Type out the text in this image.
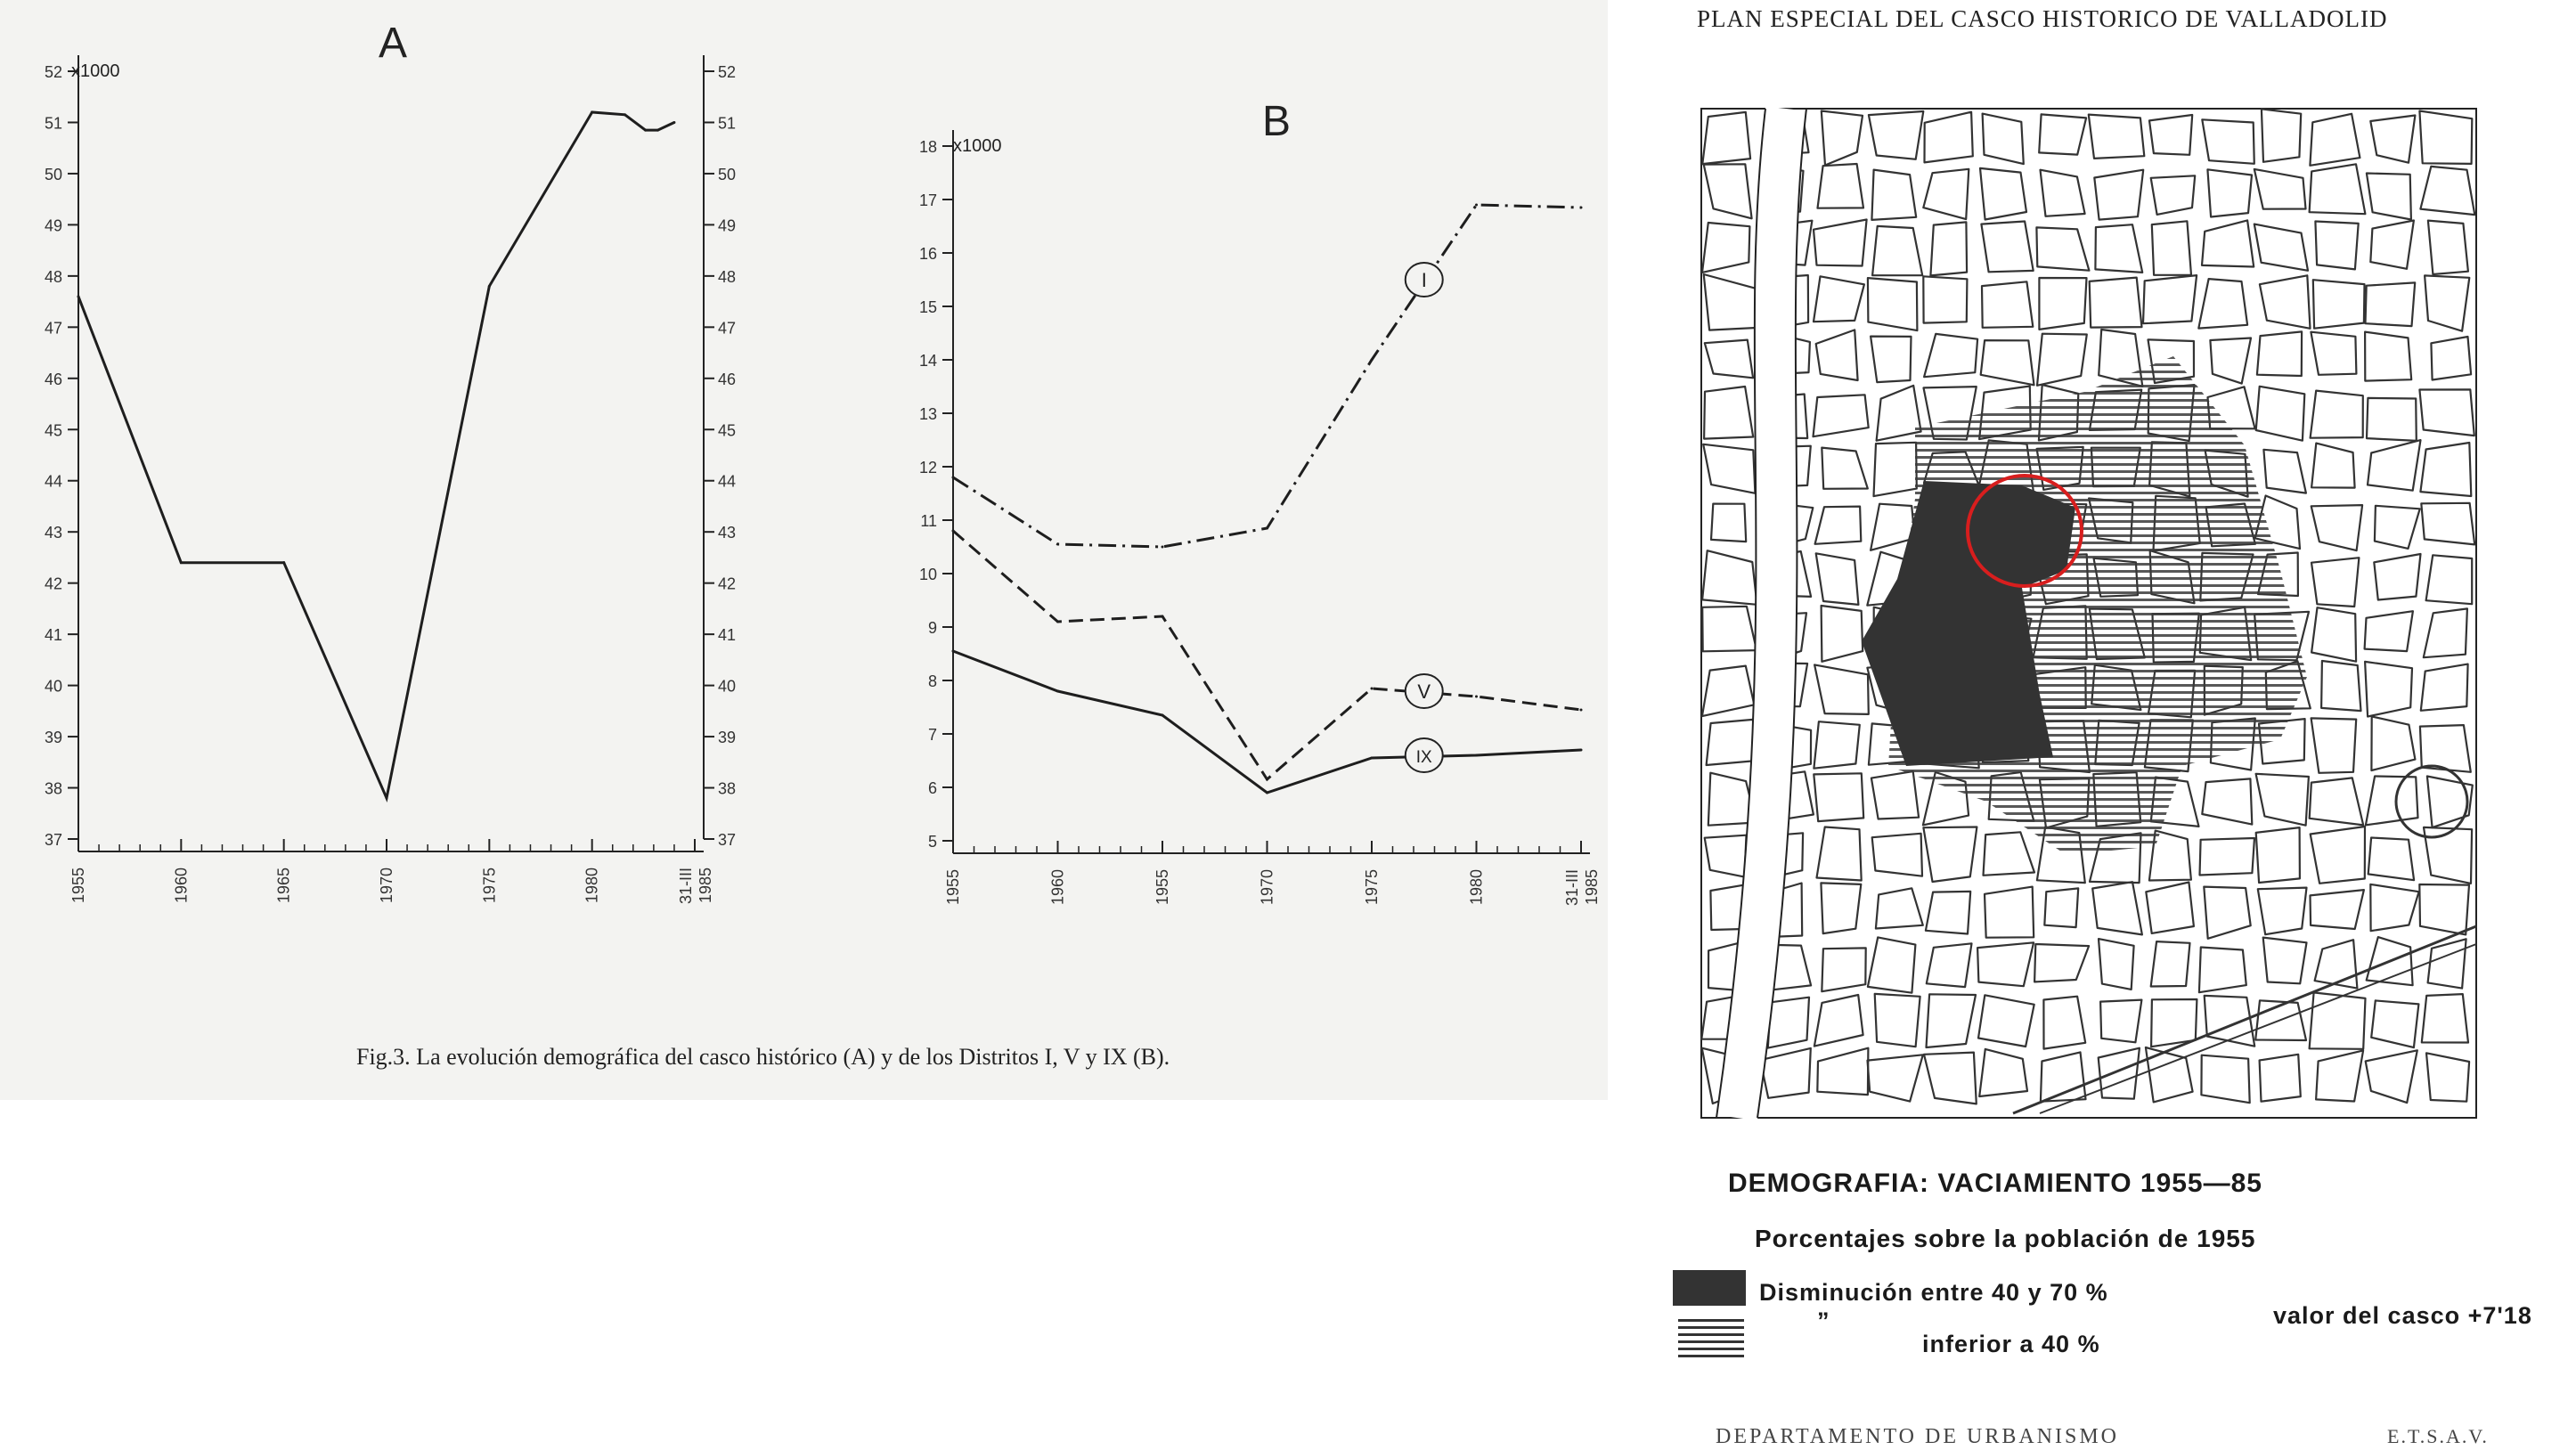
A
x1000
37	37
38	38
39	39
40	40
41	41
42	42
43	43
44	44
45	45
46	46
47	47
48	48
49	49
50	50
51	51
52	52
1955	1960	1965	1970	1975	1980	31-III 1985
B
x1000
5
6
7
8
9
10
11
12
13
14
15
16
17
18
1955	1960	1955	1970	1975	1980	31-III 1985
I
V
IX
Fig.3. La evolución demográfica del casco histórico (A) y de los Distritos I, V y IX (B).
PLAN ESPECIAL DEL CASCO HISTORICO DE VALLADOLID
DEMOGRAFIA: VACIAMIENTO 1955—85
Porcentajes sobre la población de 1955
Disminución entre 40 y 70 %
”
inferior a 40 %
valor del casco +7'18
DEPARTAMENTO DE URBANISMO	E.T.S.A.V.
